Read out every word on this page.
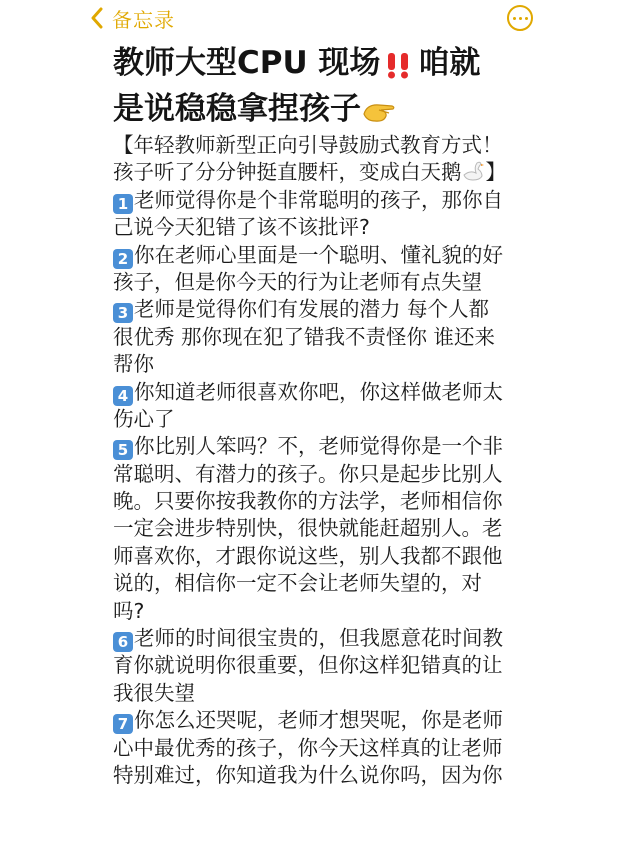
备忘录
教师大型CPU 现场 咱就
是说稳稳拿捏孩子
【年轻教师新型正向引导鼓励式教育方式！
孩子听了分分钟挺直腰杆，变成白天鹅 】
1 老师觉得你是个非常聪明的孩子，那你自
己说今天犯错了该不该批评?
2 你在老师心里面是一个聪明、懂礼貌的好
孩子，但是你今天的行为让老师有点失望
3 老师是觉得你们有发展的潜力 每个人都
很优秀 那你现在犯了错我不责怪你 谁还来
帮你
4 你知道老师很喜欢你吧，你这样做老师太
伤心了
5 你比别人笨吗？不，老师觉得你是一个非
常聪明、有潜力的孩子。你只是起步比别人
晚。只要你按我教你的方法学，老师相信你
一定会进步特别快，很快就能赶超别人。老
师喜欢你，才跟你说这些，别人我都不跟他
说的，相信你一定不会让老师失望的，对
吗?
6 老师的时间很宝贵的，但我愿意花时间教
育你就说明你很重要，但你这样犯错真的让
我很失望
7 你怎么还哭呢，老师才想哭呢，你是老师
心中最优秀的孩子，你今天这样真的让老师
特别难过，你知道我为什么说你吗，因为你
